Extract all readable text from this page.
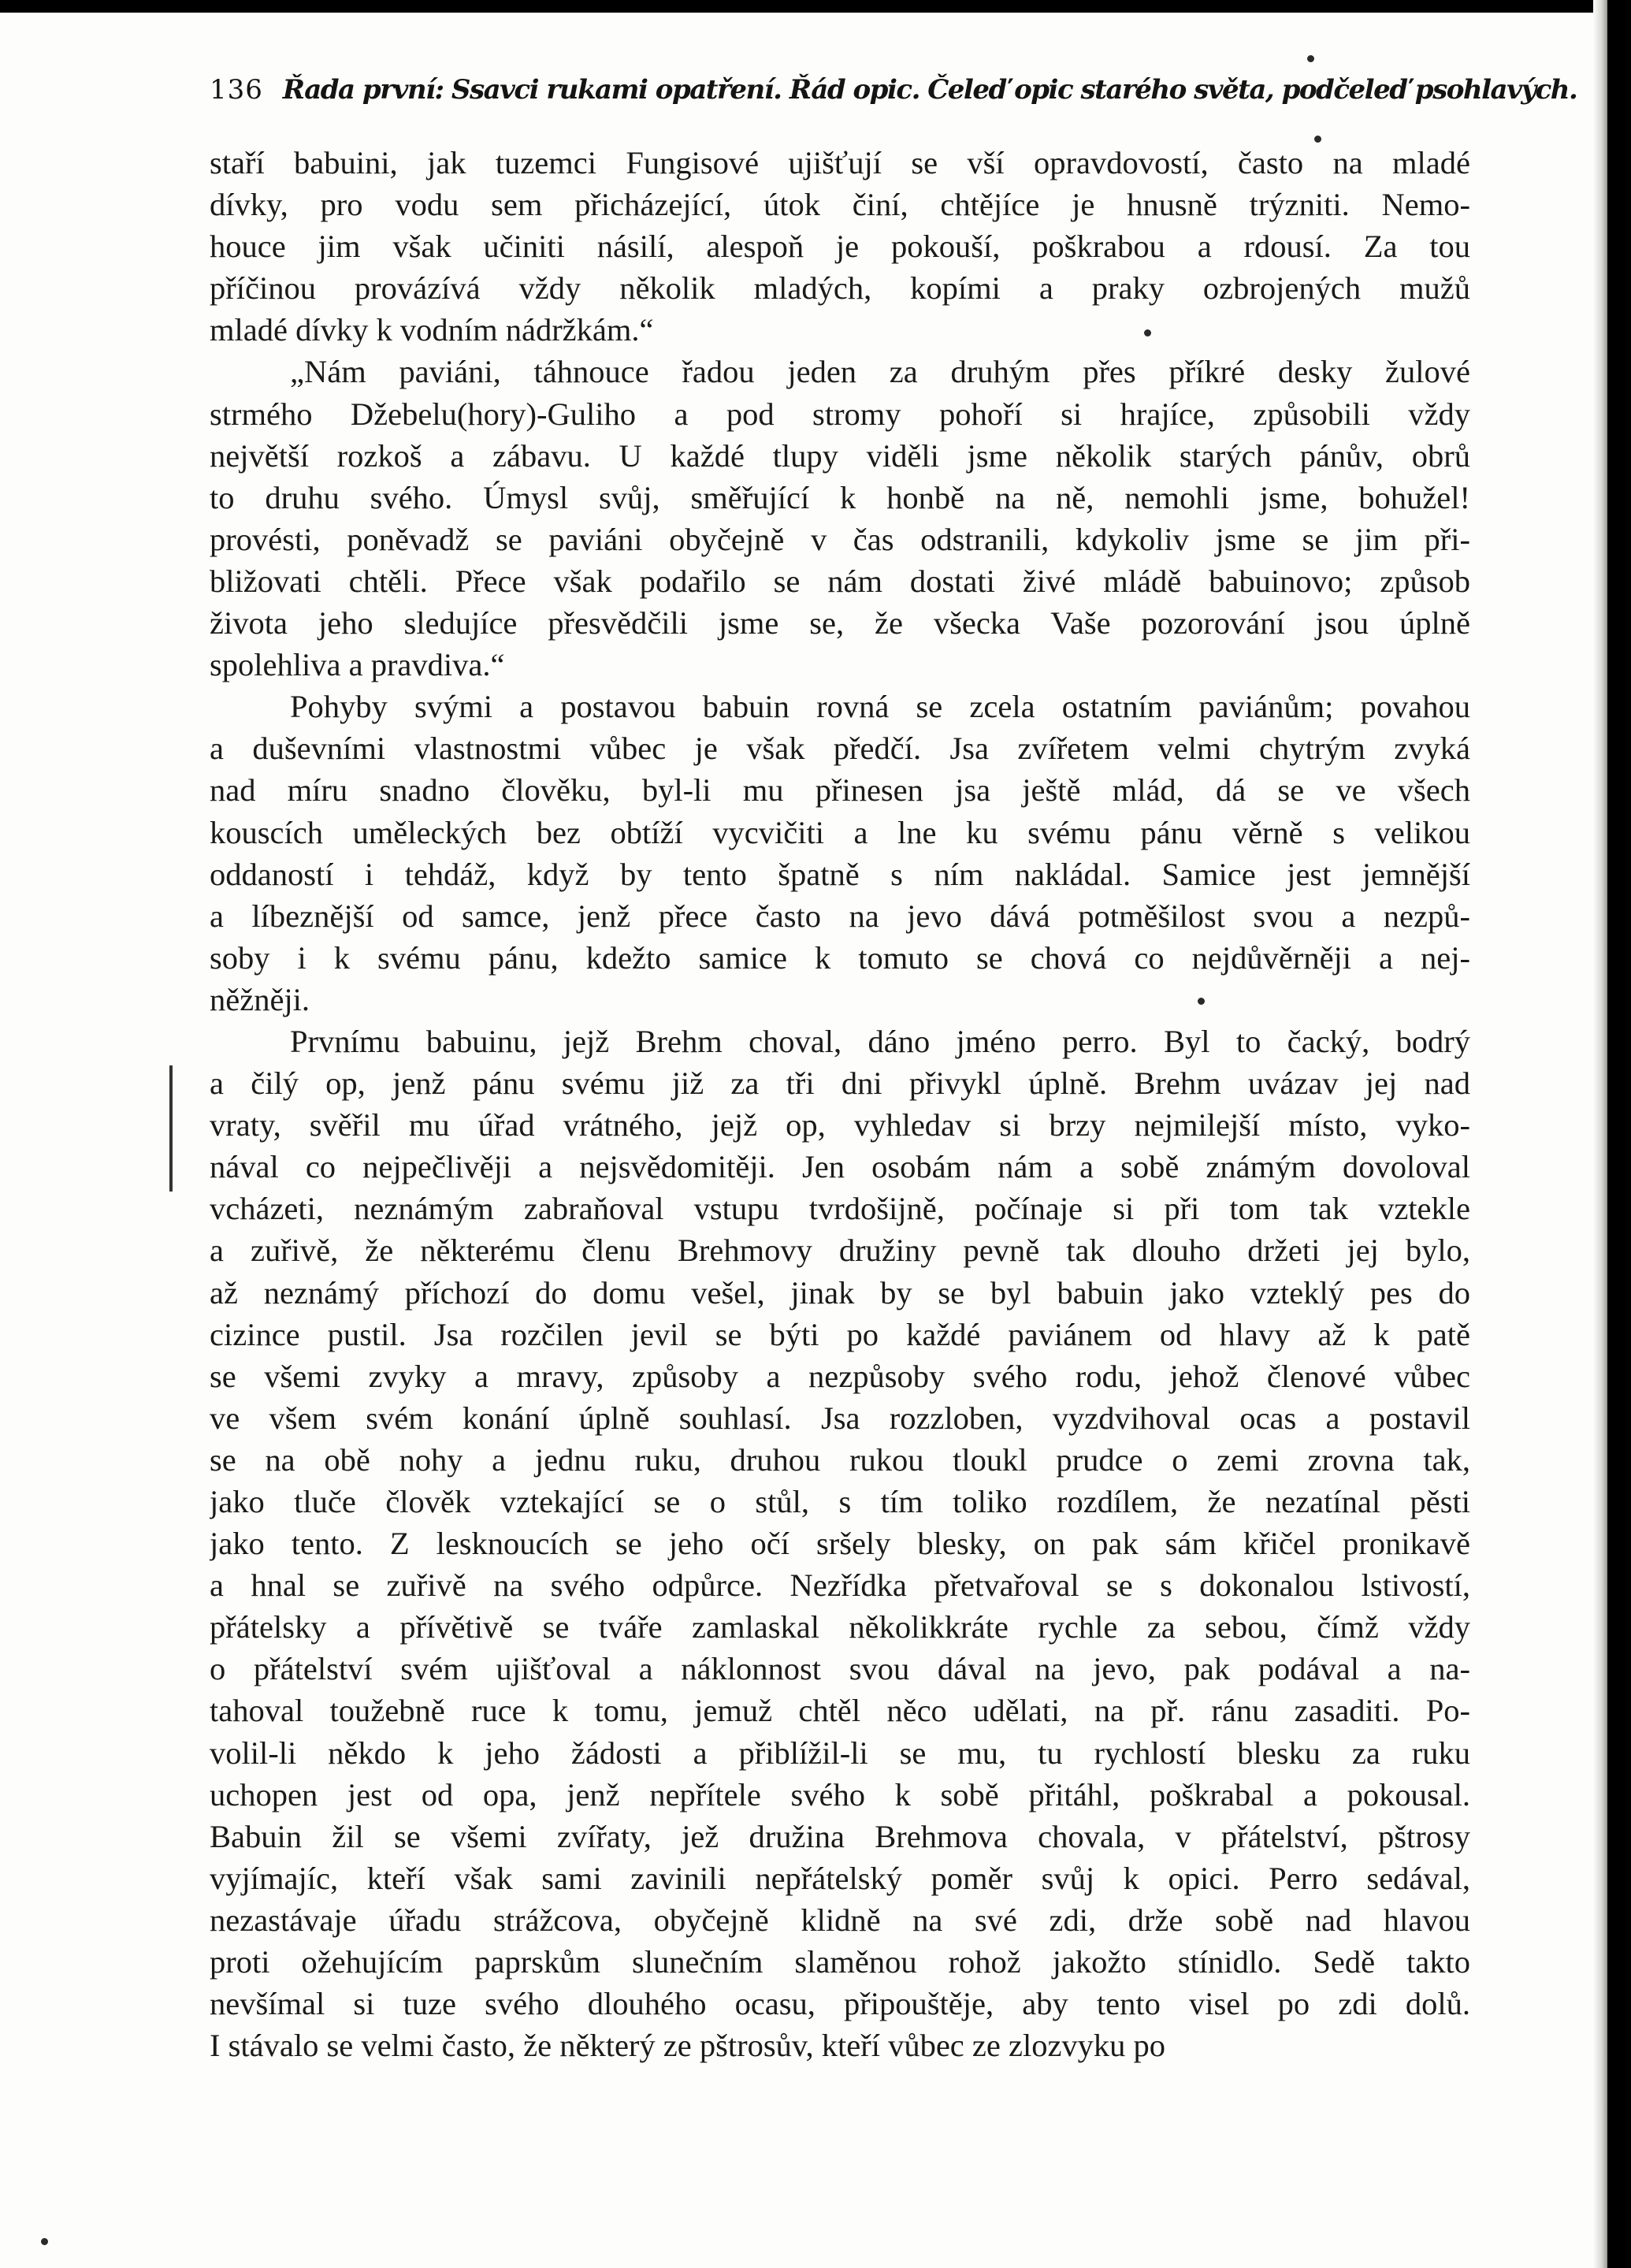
136 Řada první: Ssavci rukami opatření. Řád opic. Čeleď opic starého světa, podčeleď psohlavých.
staří babuini, jak tuzemci Fungisové ujišťují se vší opravdovostí, často na mladé
dívky, pro vodu sem přicházející, útok činí, chtějíce je hnusně trýzniti. Nemo-
houce jim však učiniti násilí, alespoň je pokouší, poškrabou a rdousí. Za tou
příčinou provázívá vždy několik mladých, kopími a praky ozbrojených mužů
mladé dívky k vodním nádržkám.“
„Nám paviáni, táhnouce řadou jeden za druhým přes příkré desky žulové
strmého Džebelu(hory)-Guliho a pod stromy pohoří si hrajíce, způsobili vždy
největší rozkoš a zábavu. U každé tlupy viděli jsme několik starých pánův, obrů
to druhu svého. Úmysl svůj, směřující k honbě na ně, nemohli jsme, bohužel!
provésti, poněvadž se paviáni obyčejně v čas odstranili, kdykoliv jsme se jim při-
bližovati chtěli. Přece však podařilo se nám dostati živé mládě babuinovo; způsob
života jeho sledujíce přesvědčili jsme se, že všecka Vaše pozorování jsou úplně
spolehliva a pravdiva.“
Pohyby svými a postavou babuin rovná se zcela ostatním paviánům; povahou
a duševními vlastnostmi vůbec je však předčí. Jsa zvířetem velmi chytrým zvyká
nad míru snadno člověku, byl-li mu přinesen jsa ještě mlád, dá se ve všech
kouscích uměleckých bez obtíží vycvičiti a lne ku svému pánu věrně s velikou
oddaností i tehdáž, když by tento špatně s ním nakládal. Samice jest jemnější
a líbeznější od samce, jenž přece často na jevo dává potměšilost svou a nezpů-
soby i k svému pánu, kdežto samice k tomuto se chová co nejdůvěrněji a nej-
něžněji.
Prvnímu babuinu, jejž Brehm choval, dáno jméno perro. Byl to čacký, bodrý
a čilý op, jenž pánu svému již za tři dni přivykl úplně. Brehm uvázav jej nad
vraty, svěřil mu úřad vrátného, jejž op, vyhledav si brzy nejmilejší místo, vyko-
nával co nejpečlivěji a nejsvědomitěji. Jen osobám nám a sobě známým dovoloval
vcházeti, neznámým zabraňoval vstupu tvrdošijně, počínaje si při tom tak vztekle
a zuřivě, že některému členu Brehmovy družiny pevně tak dlouho držeti jej bylo,
až neznámý příchozí do domu vešel, jinak by se byl babuin jako vzteklý pes do
cizince pustil. Jsa rozčilen jevil se býti po každé paviánem od hlavy až k patě
se všemi zvyky a mravy, způsoby a nezpůsoby svého rodu, jehož členové vůbec
ve všem svém konání úplně souhlasí. Jsa rozzloben, vyzdvihoval ocas a postavil
se na obě nohy a jednu ruku, druhou rukou tloukl prudce o zemi zrovna tak,
jako tluče člověk vztekající se o stůl, s tím toliko rozdílem, že nezatínal pěsti
jako tento. Z lesknoucích se jeho očí sršely blesky, on pak sám křičel pronikavě
a hnal se zuřivě na svého odpůrce. Nezřídka přetvařoval se s dokonalou lstivostí,
přátelsky a přívětivě se tváře zamlaskal několikkráte rychle za sebou, čímž vždy
o přátelství svém ujišťoval a náklonnost svou dával na jevo, pak podával a na-
tahoval toužebně ruce k tomu, jemuž chtěl něco udělati, na př. ránu zasaditi. Po-
volil-li někdo k jeho žádosti a přiblížil-li se mu, tu rychlostí blesku za ruku
uchopen jest od opa, jenž nepřítele svého k sobě přitáhl, poškrabal a pokousal.
Babuin žil se všemi zvířaty, jež družina Brehmova chovala, v přátelství, pštrosy
vyjímajíc, kteří však sami zavinili nepřátelský poměr svůj k opici. Perro sedával,
nezastávaje úřadu strážcova, obyčejně klidně na své zdi, drže sobě nad hlavou
proti ožehujícím paprskům slunečním slaměnou rohož jakožto stínidlo. Sedě takto
nevšímal si tuze svého dlouhého ocasu, připouštěje, aby tento visel po zdi dolů.
I stávalo se velmi často, že některý ze pštrosův, kteří vůbec ze zlozvyku po
